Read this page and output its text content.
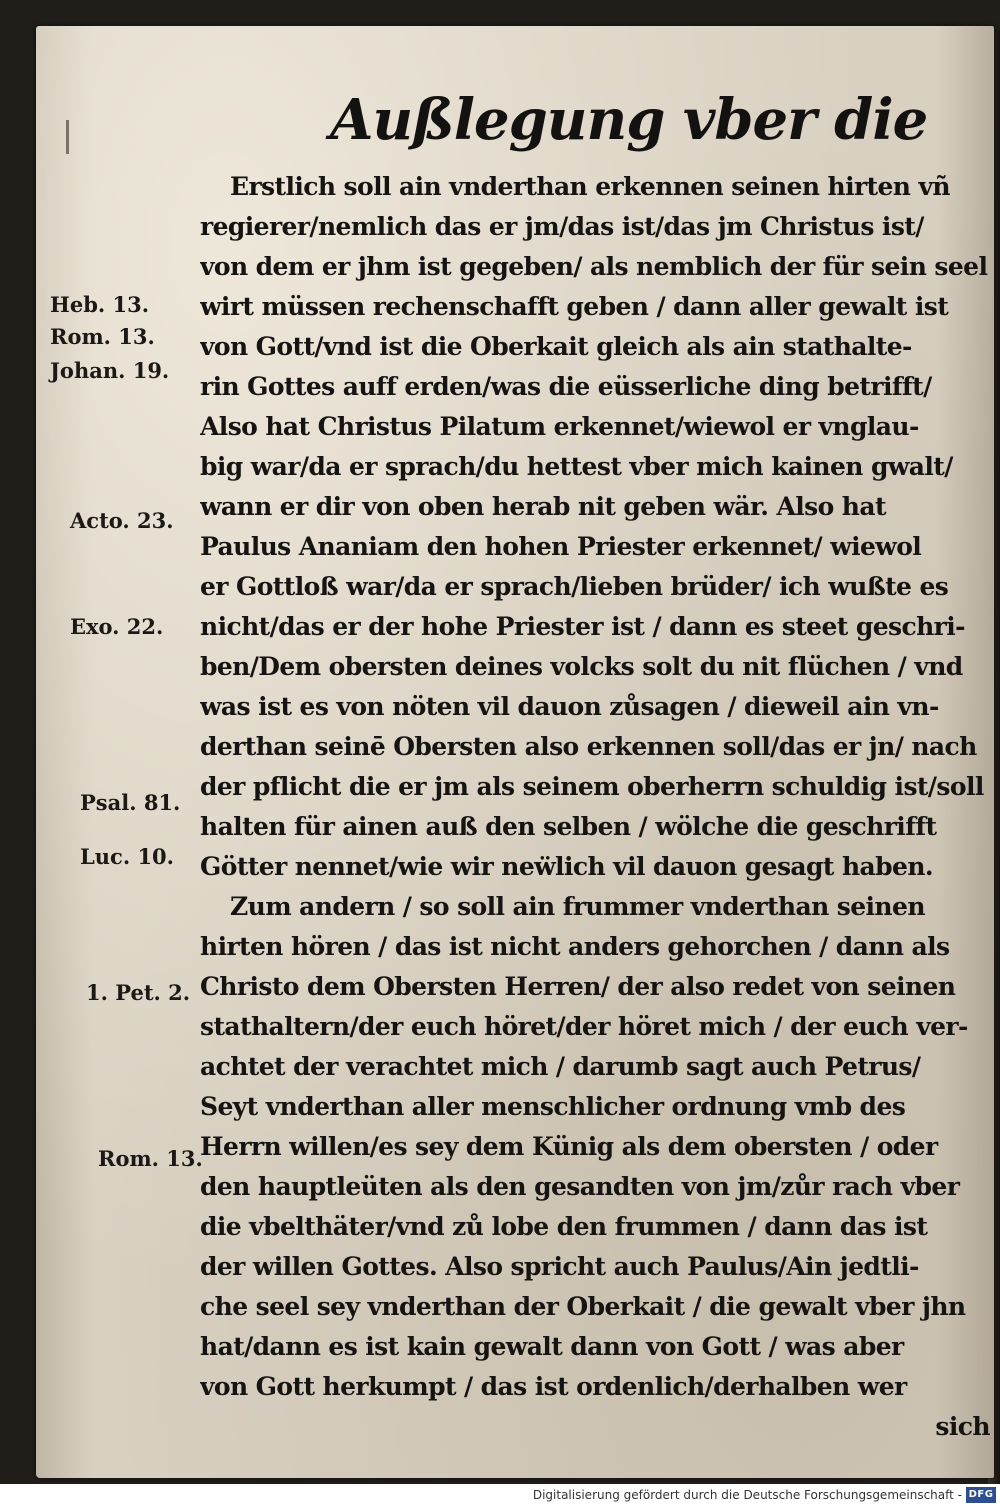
Außlegung vber die
Heb. 13.
Rom. 13.
Johan. 19.
Acto. 23.
Exo. 22.
Psal. 81.
Luc. 10.
1. Pet. 2.
Rom. 13.
Erstlich soll ain vnderthan erkennen seinen hirten vñ
regierer/nemlich das er jm/das ist/das jm Christus ist/
von dem er jhm ist gegeben/ als nemblich der für sein seel
wirt müssen rechenschafft geben / dann aller gewalt ist
von Gott/vnd ist die Oberkait gleich als ain stathalte-
rin Gottes auff erden/was die eüsserliche ding betrifft/
Also hat Christus Pilatum erkennet/wiewol er vnglau-
big war/da er sprach/du hettest vber mich kainen gwalt/
wann er dir von oben herab nit geben wär. Also hat
Paulus Ananiam den hohen Priester erkennet/ wiewol
er Gottloß war/da er sprach/lieben brüder/ ich wußte es
nicht/das er der hohe Priester ist / dann es steet geschri-
ben/Dem obersten deines volcks solt du nit flüchen / vnd
was ist es von nöten vil dauon zůsagen / dieweil ain vn-
derthan seinē Obersten also erkennen soll/das er jn/ nach
der pflicht die er jm als seinem oberherrn schuldig ist/soll
halten für ainen auß den selben / wölche die geschrifft
Götter nennet/wie wir neẅlich vil dauon gesagt haben.
Zum andern / so soll ain frummer vnderthan seinen
hirten hören / das ist nicht anders gehorchen / dann als
Christo dem Obersten Herren/ der also redet von seinen
stathaltern/der euch höret/der höret mich / der euch ver-
achtet der verachtet mich / darumb sagt auch Petrus/
Seyt vnderthan aller menschlicher ordnung vmb des
Herrn willen/es sey dem Künig als dem obersten / oder
den hauptleüten als den gesandten von jm/zůr rach vber
die vbelthäter/vnd zů lobe den frummen / dann das ist
der willen Gottes. Also spricht auch Paulus/Ain jedtli-
che seel sey vnderthan der Oberkait / die gewalt vber jhn
hat/dann es ist kain gewalt dann von Gott / was aber
von Gott herkumpt / das ist ordenlich/derhalben wer
sich
Digitalisierung gefördert durch die Deutsche Forschungsgemeinschaft - DFG
